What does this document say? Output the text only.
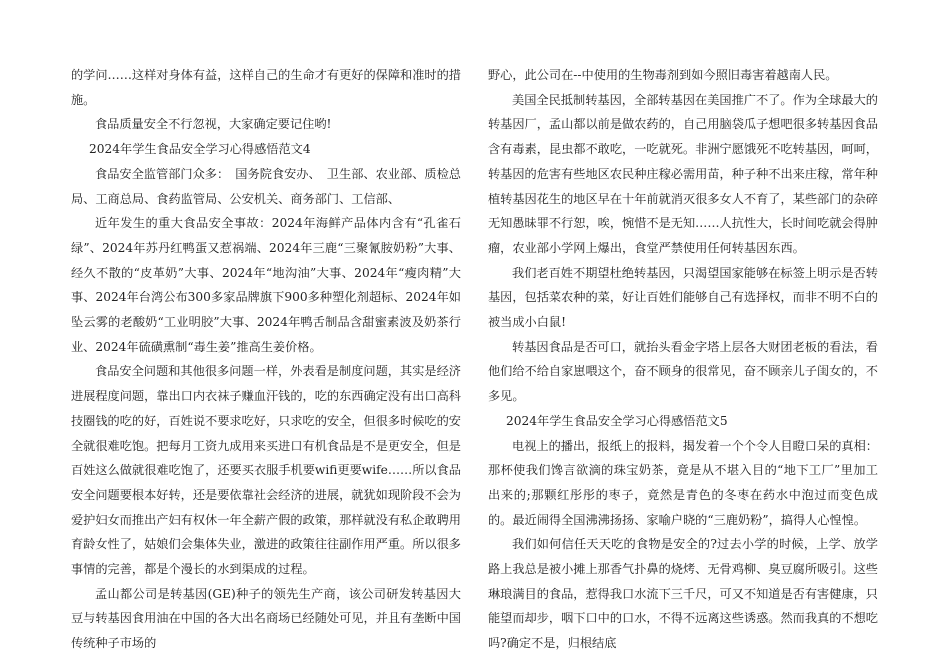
的学问……这样对身体有益，这样自己的生命才有更好的保障和准时的措施。

食品质量安全不行忽视，大家确定要记住哟!

2024年学生食品安全学习心得感悟范文4

食品安全监管部门众多：　国务院食安办、　卫生部、农业部、质检总局、工商总局、食药监管局、公安机关、商务部门、工信部、

近年发生的重大食品安全事故：2024年海鲜产品体内含有“孔雀石绿”、2024年苏丹红鸭蛋又惹祸端、2024年三鹿“三聚氰胺奶粉”大事、经久不散的“皮革奶”大事、2024年“地沟油”大事、2024年“瘦肉精”大事、2024年台湾公布300多家品牌旗下900多种塑化剂超标、2024年如坠云雾的老酸奶“工业明胶”大事、2024年鸭舌制品含甜蜜素波及奶茶行业、2024年硫磺熏制“毒生姜”推高生姜价格。

食品安全问题和其他很多问题一样，外表看是制度问题，其实是经济进展程度问题，靠出口内衣袜子赚血汗钱的，吃的东西确定没有出口高科技圈钱的吃的好，百姓说不要求吃好，只求吃的安全，但很多时候吃的安全就很难吃饱。把每月工资九成用来买进口有机食品是不是更安全，但是百姓这么做就很难吃饱了，还要买衣服手机要wifi更要wife……所以食品安全问题要根本好转，还是要依靠社会经济的进展，就犹如现阶段不会为爱护妇女而推出产妇有权休一年全薪产假的政策，那样就没有私企敢聘用育龄女性了，姑娘们会集体失业，激进的政策往往副作用严重。所以很多事情的完善，都是个漫长的水到渠成的过程。

孟山都公司是转基因(GE)种子的领先生产商，该公司研发转基因大豆与转基因食用油在中国的各大出名商场已经随处可见，并且有垄断中国传统种子市场的

野心，此公司在--中使用的生物毒剂到如今照旧毒害着越南人民。

美国全民抵制转基因，全部转基因在美国推广不了。作为全球最大的转基因厂，孟山都以前是做农药的，自己用脑袋瓜子想吧很多转基因食品含有毒素，昆虫都不敢吃，一吃就死。非洲宁愿饿死不吃转基因，呵呵，转基因的危害有些地区农民种庄稼必需用苗，种子种不出来庄稼，常年种植转基因花生的地区早在十年前就消灭很多女人不育了，某些部门的杂碎无知愚昧罪不行恕，唉，惋惜不是无知……人抗性大，长时间吃就会得肿瘤，农业部小学网上爆出，食堂严禁使用任何转基因东西。

我们老百姓不期望杜绝转基因，只渴望国家能够在标签上明示是否转基因，包括菜农种的菜，好让百姓们能够自己有选择权，而非不明不白的被当成小白鼠!

转基因食品是否可口，就抬头看金字塔上层各大财团老板的看法，看他们给不给自家崽喂这个，奋不顾身的很常见，奋不顾亲儿子闺女的，不多见。

2024年学生食品安全学习心得感悟范文5

电视上的播出，报纸上的报料，揭发着一个个令人目瞪口呆的真相：那杯使我们馋言欲滴的珠宝奶茶，竟是从不堪入目的“地下工厂”里加工出来的;那颗红彤彤的枣子，竟然是青色的冬枣在药水中泡过而变色成的。最近闹得全国沸沸扬扬、家喻户晓的“三鹿奶粉”，搞得人心惶惶。

我们如何信任天天吃的食物是安全的?过去小学的时候，上学、放学路上我总是被小摊上那香气扑鼻的烧烤、无骨鸡柳、臭豆腐所吸引。这些琳琅满目的食品，惹得我口水流下三千尺，可又不知道是否有害健康，只能望而却步，咽下口中的口水，不得不远离这些诱惑。然而我真的不想吃吗?确定不是，归根结底
